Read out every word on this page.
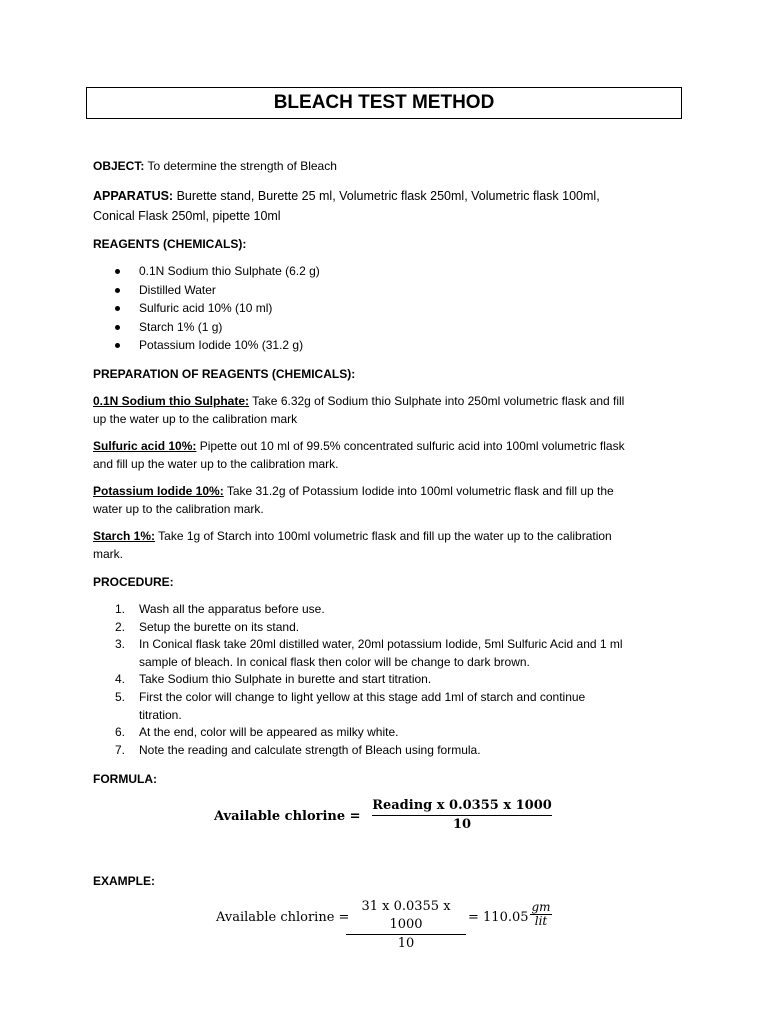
BLEACH TEST METHOD
OBJECT: To determine the strength of Bleach
APPARATUS: Burette stand, Burette 25 ml, Volumetric flask 250ml, Volumetric flask 100ml,
Conical Flask 250ml, pipette 10ml
REAGENTS (CHEMICALS):
0.1N Sodium thio Sulphate (6.2 g)
Distilled Water
Sulfuric acid 10% (10 ml)
Starch 1% (1 g)
Potassium Iodide 10% (31.2 g)
PREPARATION OF REAGENTS (CHEMICALS):
0.1N Sodium thio Sulphate: Take 6.32g of Sodium thio Sulphate into 250ml volumetric flask and fill
up the water up to the calibration mark
Sulfuric acid 10%: Pipette out 10 ml of 99.5% concentrated sulfuric acid into 100ml volumetric flask
and fill up the water up to the calibration mark.
Potassium Iodide 10%: Take 31.2g of Potassium Iodide into 100ml volumetric flask and fill up the
water up to the calibration mark.
Starch 1%: Take 1g of Starch into 100ml volumetric flask and fill up the water up to the calibration
mark.
PROCEDURE:
1. Wash all the apparatus before use.
2. Setup the burette on its stand.
3. In Conical flask take 20ml distilled water, 20ml potassium Iodide, 5ml Sulfuric Acid and 1 ml
sample of bleach. In conical flask then color will be change to dark brown.
4. Take Sodium thio Sulphate in burette and start titration.
5. First the color will change to light yellow at this stage add 1ml of starch and continue
titration.
6. At the end, color will be appeared as milky white.
7. Note the reading and calculate strength of Bleach using formula.
FORMULA:
Available chlorine =
Reading x 0.0355 x 1000
10
EXAMPLE:
Available chlorine =
31 x 0.0355 x 1000
10
= 110.05
gm
lit
